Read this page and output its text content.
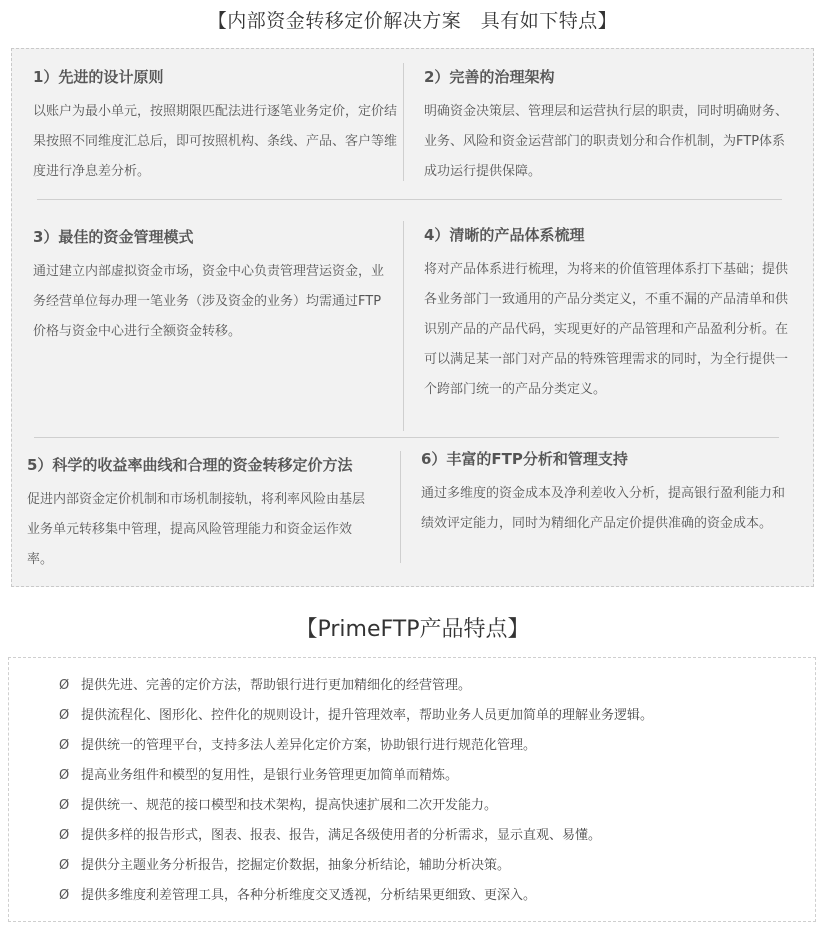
【内部资金转移定价解决方案　具有如下特点】
1）先进的设计原则

以账户为最小单元，按照期限匹配法进行逐笔业务定价，定价结果按照不同维度汇总后，即可按照机构、条线、产品、客户等维度进行净息差分析。

2）完善的治理架构

明确资金决策层、管理层和运营执行层的职责，同时明确财务、业务、风险和资金运营部门的职责划分和合作机制，为FTP体系成功运行提供保障。

3）最佳的资金管理模式

通过建立内部虚拟资金市场，资金中心负责管理营运资金，业务经营单位每办理一笔业务（涉及资金的业务）均需通过FTP价格与资金中心进行全额资金转移。

4）清晰的产品体系梳理

将对产品体系进行梳理，为将来的价值管理体系打下基础；提供各业务部门一致通用的产品分类定义，不重不漏的产品清单和供识别产品的产品代码，实现更好的产品管理和产品盈利分析。在可以满足某一部门对产品的特殊管理需求的同时，为全行提供一个跨部门统一的产品分类定义。

5）科学的收益率曲线和合理的资金转移定价方法

促进内部资金定价机制和市场机制接轨，将利率风险由基层业务单元转移集中管理，提高风险管理能力和资金运作效率。

6）丰富的FTP分析和管理支持

通过多维度的资金成本及净利差收入分析，提高银行盈利能力和绩效评定能力，同时为精细化产品定价提供准确的资金成本。

【PrimeFTP产品特点】
Ø 提供先进、完善的定价方法，帮助银行进行更加精细化的经营管理。
Ø 提供流程化、图形化、控件化的规则设计，提升管理效率，帮助业务人员更加简单的理解业务逻辑。
Ø 提供统一的管理平台，支持多法人差异化定价方案，协助银行进行规范化管理。
Ø 提高业务组件和模型的复用性，是银行业务管理更加简单而精炼。
Ø 提供统一、规范的接口模型和技术架构，提高快速扩展和二次开发能力。
Ø 提供多样的报告形式，图表、报表、报告，满足各级使用者的分析需求，显示直观、易懂。
Ø 提供分主题业务分析报告，挖掘定价数据，抽象分析结论，辅助分析决策。
Ø 提供多维度利差管理工具，各种分析维度交叉透视，分析结果更细致、更深入。
